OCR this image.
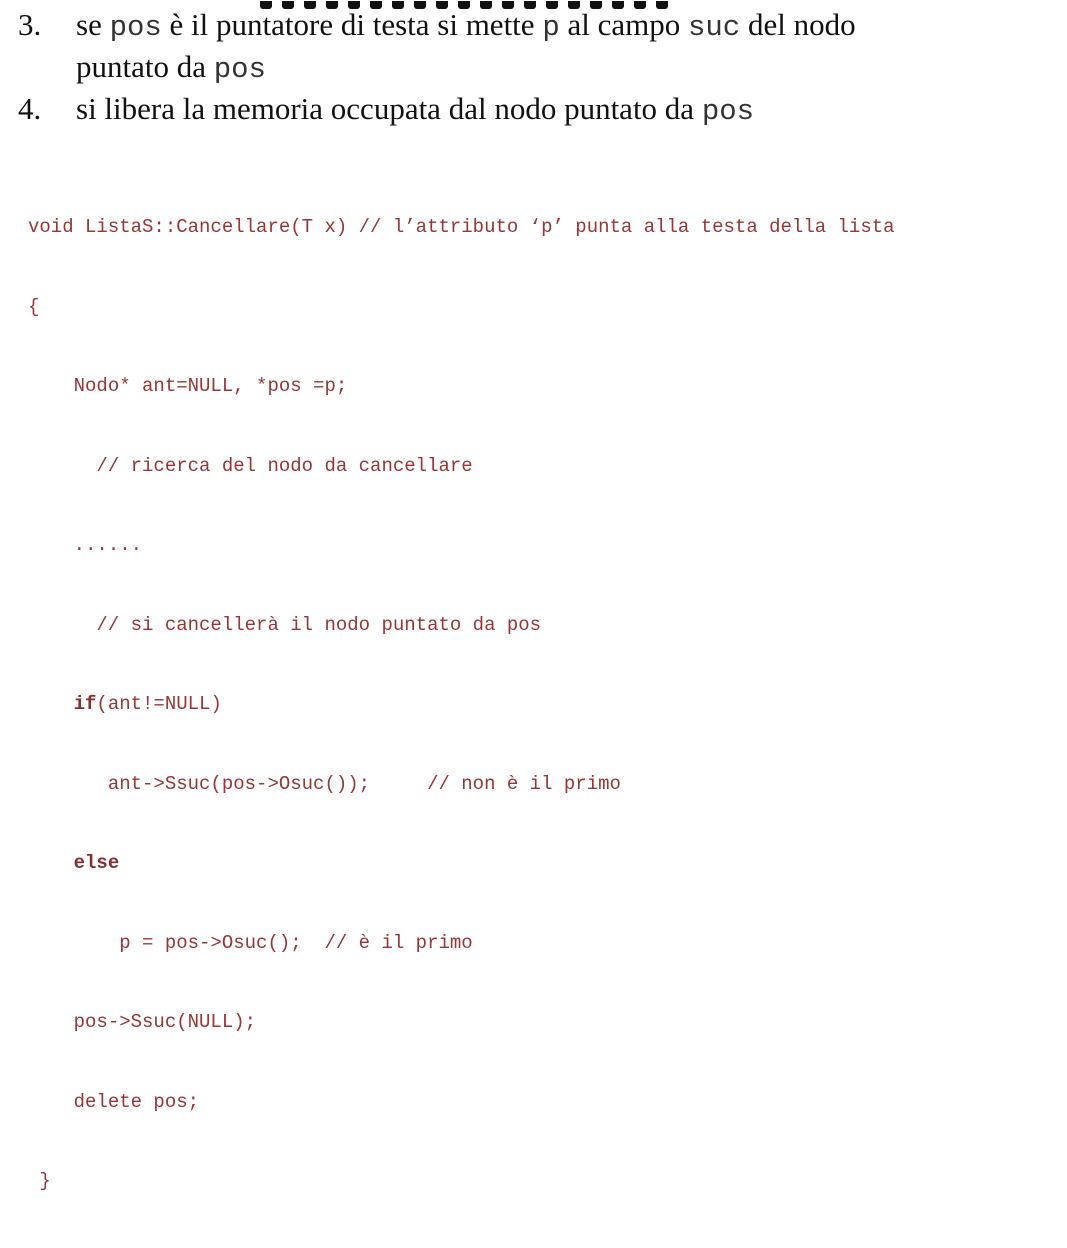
3.	se pos è il puntatore di testa si mette p al campo suc del nodo
puntato da pos
4.	si libera la memoria occupata dal nodo puntato da pos

void ListaS::Cancellare(T x) // l’attributo ‘p’ punta alla testa della lista

{

Nodo* ant=NULL, *pos =p;

// ricerca del nodo da cancellare

......

// si cancellerà il nodo puntato da pos

if(ant!=NULL)

ant->Ssuc(pos->Osuc());     // non è il primo

else

p = pos->Osuc();  // è il primo

pos->Ssuc(NULL);

delete pos;

}
